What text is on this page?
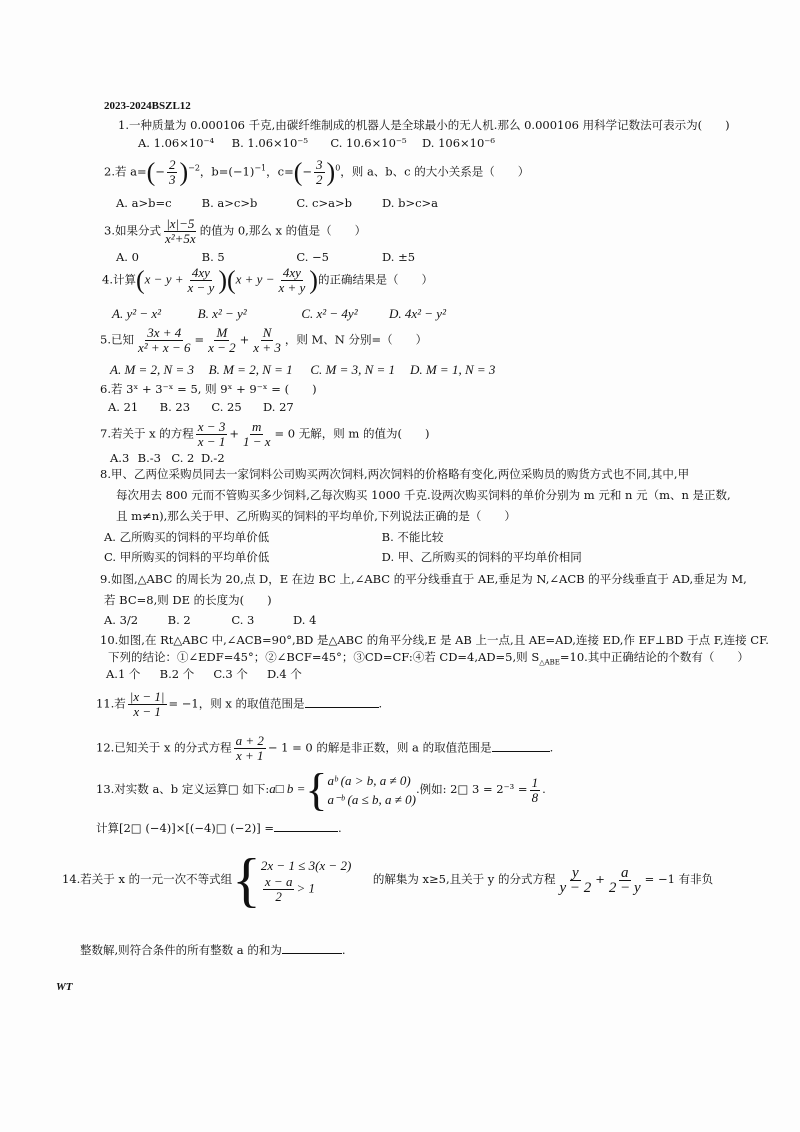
2023-2024BSZL12
1.一种质量为 0.000106 千克,由碳纤维制成的机器人是全球最小的无人机.那么 0.000106 用科学记数法可表示为(　　)
A. 1.06×10⁻⁴ B. 1.06×10⁻⁵ C. 10.6×10⁻⁵ D. 106×10⁻⁶
2.若 $a=(- \frac{2}{3} )^{-2}$，$b=(-1)^{-1}$，$c=(- \frac{3}{2} )^0$，则 a、b、c 的大小关系是（　　）
A. a>b=c	B. a>c>b	C. c>a>b	D. b>c>a
3.如果分式 $\frac{|x|-5}{\text{x²+5x}}$ 的值为 0,那么 x 的值是（　　）
A. 0	B. 5	C. −5	D. ±5
4.计算$(x - y + \frac{4xy}{x - y} )(x + y - \frac{4xy}{x + y}$ )的正确结果是（　　）
A. y² − x²	B. x² − y²	C. x² − 4y² D. 4x² − y²
5.已知 $\frac{3x + 4}{\text{x² + x − 6}} = \frac{M}{x - 2} + \frac{N}{x + 3}$ ，则 M、N 分别=（　　）
A. M = 2, N = 3 B. M = 2, N = 1 C. M = 3, N = 1 D. M = 1, N = 3
6.若 3ˣ + 3⁻ˣ = 5, 则 9ˣ + 9⁻ˣ = (　　)
A. 21 B. 23 C. 25 D. 27
7.若关于 x 的方程 $\frac{x - 3}{x - 1} + \frac{m}{1 - x} = 0$ 无解，则 m 的值为(　　)
A.3 B.-3 C. 2 D.-2
8.甲、乙两位采购员同去一家饲料公司购买两次饲料,两次饲料的价格略有变化,两位采购员的购货方式也不同,其中,甲
每次用去 800 元而不管购买多少饲料,乙每次购买 1000 千克.设两次购买饲料的单价分别为 m 元和 n 元（m、n 是正数,
且 m≠n),那么关于甲、乙所购买的饲料的平均单价,下列说法正确的是（　　）
A. 乙所购买的饲料的平均单价低	B. 不能比较
C. 甲所购买的饲料的平均单价低	D. 甲、乙所购买的饲料的平均单价相同
9.如图,△ABC 的周长为 20,点 D，E 在边 BC 上,∠ABC 的平分线垂直于 AE,垂足为 N,∠ACB 的平分线垂直于 AD,垂足为 M,
若 BC=8,则 DE 的长度为(　　)
A. 3/2	B. 2	C. 3	D. 4
10.如图,在 Rt△ABC 中,∠ACB=90°,BD 是△ABC 的角平分线,E 是 AB 上一点,且 AE=AD,连接 ED,作 EF⊥BD 于点 F,连接 CF.
下列的结论：①∠EDF=45°；②∠BCF=45°；③CD=CF:④若 CD=4,AD=5,则 $S_{\triangle ABE}=10$.其中正确结论的个数有（　　）
A.1 个 B.2 个 C.3 个 D.4 个
11.若 $\frac{|x - 1|}{x - 1} = -1$，则 x 的取值范围是	.
12.已知关于 x 的分式方程 $\frac{a + 2}{x + 1} - 1 = 0$ 的解是非正数，则 a 的取值范围是	.
13.对实数 a、b 定义运算□ 如下:a□ b ={ aᵇ (a > b, a ≠ 0)
a⁻ᵇ (a ≤ b, a ≠ 0)
.例如: 2□ $3 = 2^{-3} = \frac{1}{8}$ .
计算[2□ (−4)]×[(−4)□ (−2)] =	.
14.若关于 x 的一元一次不等式组{ 2x − 1 ≤ 3(x − 2)
$\frac{x - a}{2} > 1$
的解集为 x≥5,且关于 y 的分式方程 $\frac{y}{y - 2} + \frac{a}{2 - y} = -1$ 有非负
整数解,则符合条件的所有整数 a 的和为	.
WT
